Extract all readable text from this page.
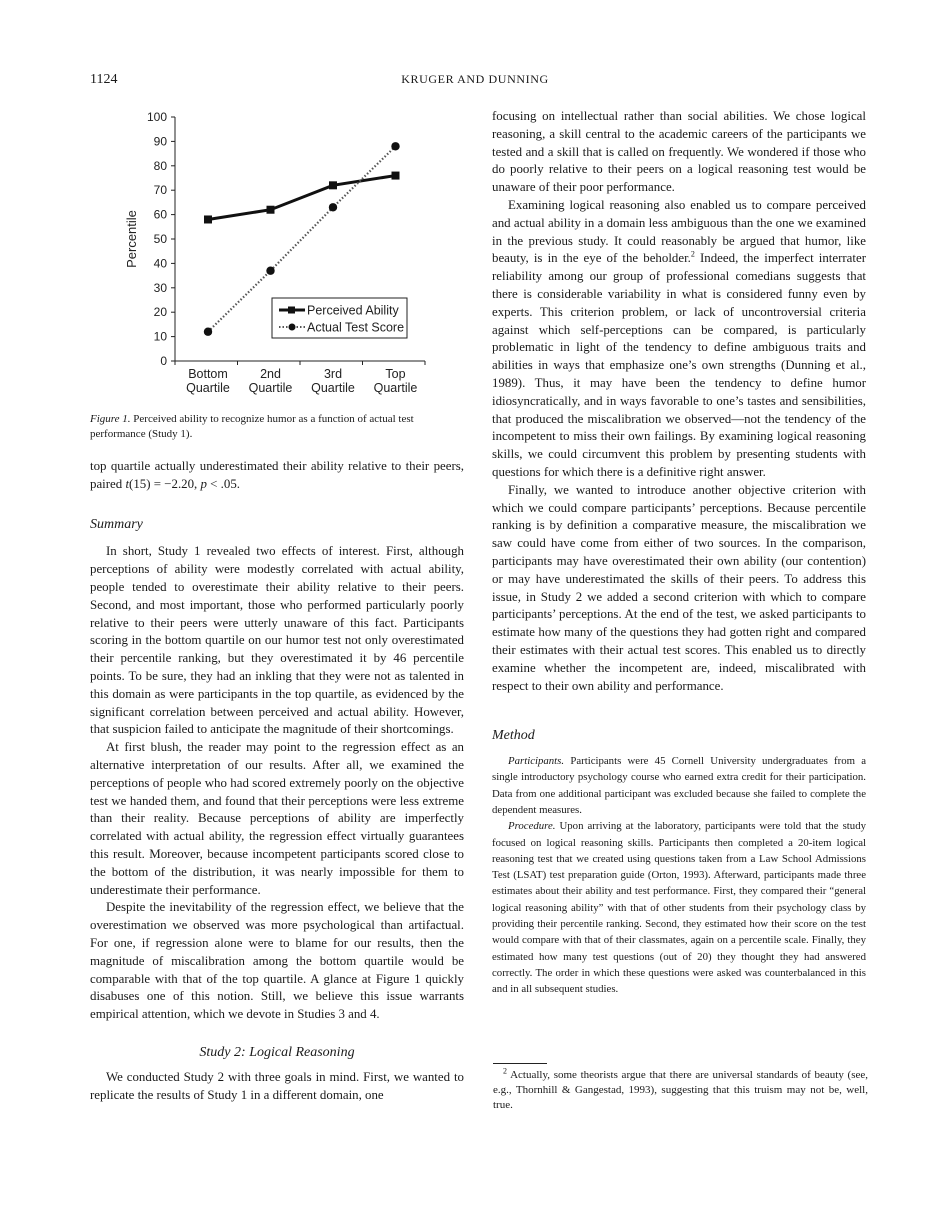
1124	KRUGER AND DUNNING
0
10
20
30
40
50
60
70
80
90
100
Bottom
Quartile
2nd
Quartile
3rd
Quartile
Top
Quartile
Percentile
Perceived Ability
Actual Test Score
Figure 1. Perceived ability to recognize humor as a function of actual test performance (Study 1).

top quartile actually underestimated their ability relative to their peers, paired t(15) = −2.20, p < .05.

Summary

In short, Study 1 revealed two effects of interest. First, although perceptions of ability were modestly correlated with actual ability, people tended to overestimate their ability relative to their peers. Second, and most important, those who performed particularly poorly relative to their peers were utterly unaware of this fact. Participants scoring in the bottom quartile on our humor test not only overestimated their percentile ranking, but they overestimated it by 46 percentile points. To be sure, they had an inkling that they were not as talented in this domain as were participants in the top quartile, as evidenced by the significant correlation between perceived and actual ability. However, that suspicion failed to anticipate the magnitude of their shortcomings.

At first blush, the reader may point to the regression effect as an alternative interpretation of our results. After all, we examined the perceptions of people who had scored extremely poorly on the objective test we handed them, and found that their perceptions were less extreme than their reality. Because perceptions of ability are imperfectly correlated with actual ability, the regression effect virtually guarantees this result. Moreover, because incompetent participants scored close to the bottom of the distribution, it was nearly impossible for them to underestimate their performance.

Despite the inevitability of the regression effect, we believe that the overestimation we observed was more psychological than artifactual. For one, if regression alone were to blame for our results, then the magnitude of miscalibration among the bottom quartile would be comparable with that of the top quartile. A glance at Figure 1 quickly disabuses one of this notion. Still, we believe this issue warrants empirical attention, which we devote in Studies 3 and 4.

Study 2: Logical Reasoning

We conducted Study 2 with three goals in mind. First, we wanted to replicate the results of Study 1 in a different domain, one

focusing on intellectual rather than social abilities. We chose logical reasoning, a skill central to the academic careers of the participants we tested and a skill that is called on frequently. We wondered if those who do poorly relative to their peers on a logical reasoning test would be unaware of their poor performance.

Examining logical reasoning also enabled us to compare perceived and actual ability in a domain less ambiguous than the one we examined in the previous study. It could reasonably be argued that humor, like beauty, is in the eye of the beholder.$^2$ Indeed, the imperfect interrater reliability among our group of professional comedians suggests that there is considerable variability in what is considered funny even by experts. This criterion problem, or lack of uncontroversial criteria against which self-perceptions can be compared, is particularly problematic in light of the tendency to define ambiguous traits and abilities in ways that emphasize one’s own strengths (Dunning et al., 1989). Thus, it may have been the tendency to define humor idiosyncratically, and in ways favorable to one’s tastes and sensibilities, that produced the miscalibration we observed—not the tendency of the incompetent to miss their own failings. By examining logical reasoning skills, we could circumvent this problem by presenting students with questions for which there is a definitive right answer.

Finally, we wanted to introduce another objective criterion with which we could compare participants’ perceptions. Because percentile ranking is by definition a comparative measure, the miscalibration we saw could have come from either of two sources. In the comparison, participants may have overestimated their own ability (our contention) or may have underestimated the skills of their peers. To address this issue, in Study 2 we added a second criterion with which to compare participants’ perceptions. At the end of the test, we asked participants to estimate how many of the questions they had gotten right and compared their estimates with their actual test scores. This enabled us to directly examine whether the incompetent are, indeed, miscalibrated with respect to their own ability and performance.

Method

Participants. Participants were 45 Cornell University undergraduates from a single introductory psychology course who earned extra credit for their participation. Data from one additional participant was excluded because she failed to complete the dependent measures.

Procedure. Upon arriving at the laboratory, participants were told that the study focused on logical reasoning skills. Participants then completed a 20-item logical reasoning test that we created using questions taken from a Law School Admissions Test (LSAT) test preparation guide (Orton, 1993). Afterward, participants made three estimates about their ability and test performance. First, they compared their “general logical reasoning ability” with that of other students from their psychology class by providing their percentile ranking. Second, they estimated how their score on the test would compare with that of their classmates, again on a percentile scale. Finally, they estimated how many test questions (out of 20) they thought they had answered correctly. The order in which these questions were asked was counterbalanced in this and in all subsequent studies.

$^2$ Actually, some theorists argue that there are universal standards of beauty (see, e.g., Thornhill & Gangestad, 1993), suggesting that this truism may not be, well, true.
